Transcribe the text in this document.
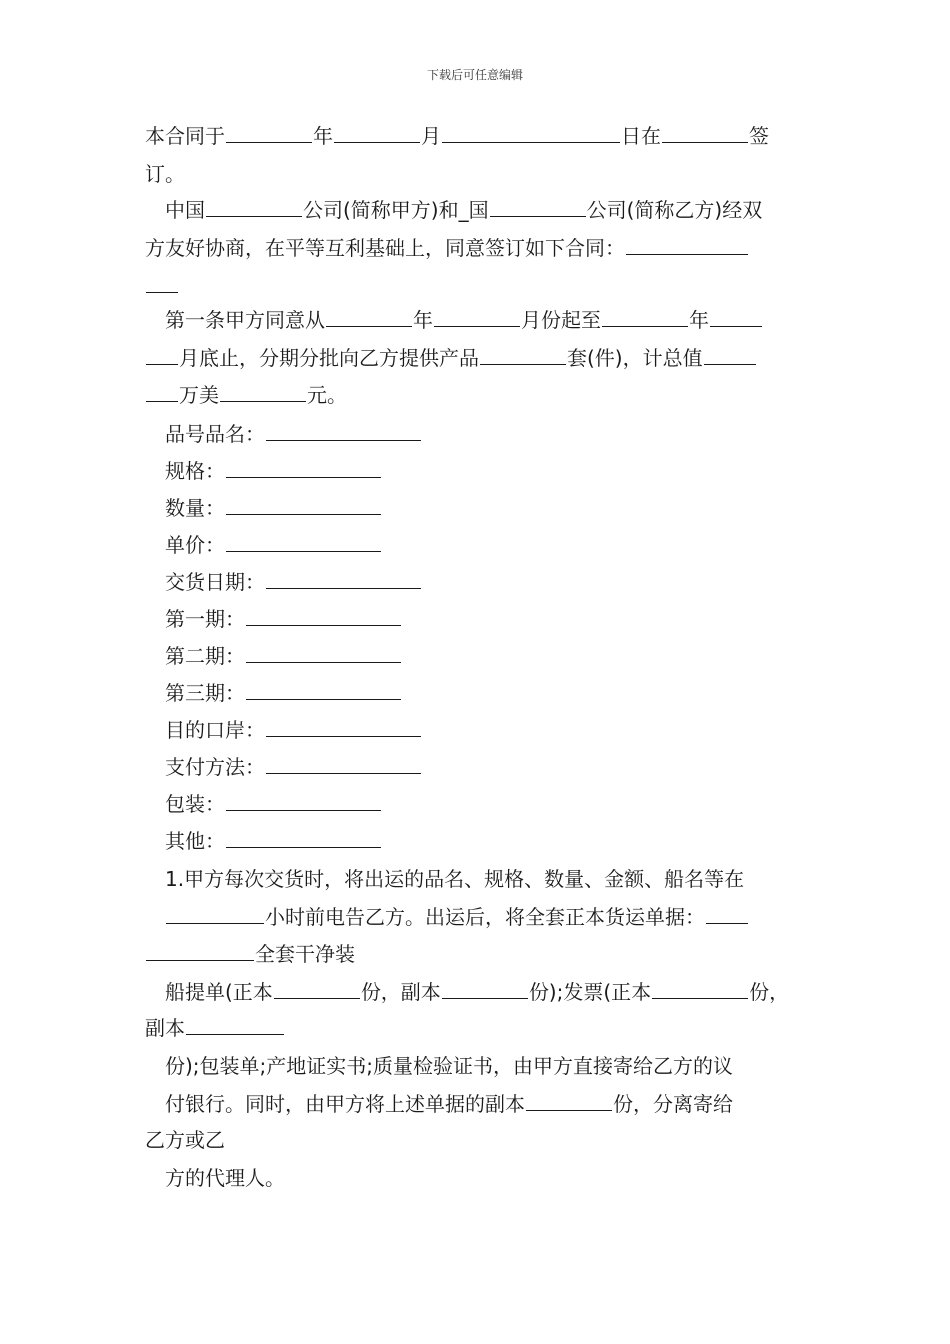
下载后可任意编辑
本合同于	年	月	日在	签
订。
中国	公司(简称甲方)和_国	公司(简称乙方)经双
方友好协商，在平等互利基础上，同意签订如下合同：
第一条甲方同意从	年	月份起至	年
月底止，分期分批向乙方提供产品	套(件)，计总值
万美	元。
品号品名：
规格：
数量：
单价：
交货日期：
第一期：
第二期：
第三期：
目的口岸：
支付方法：
包装：
其他：
1.甲方每次交货时，将出运的品名、规格、数量、金额、船名等在
小时前电告乙方。出运后，将全套正本货运单据：
全套干净装
船提单(正本	份，副本	份);发票(正本	份，
副本
份);包装单;产地证实书;质量检验证书，由甲方直接寄给乙方的议
付银行。同时，由甲方将上述单据的副本	份，分离寄给
乙方或乙
方的代理人。
